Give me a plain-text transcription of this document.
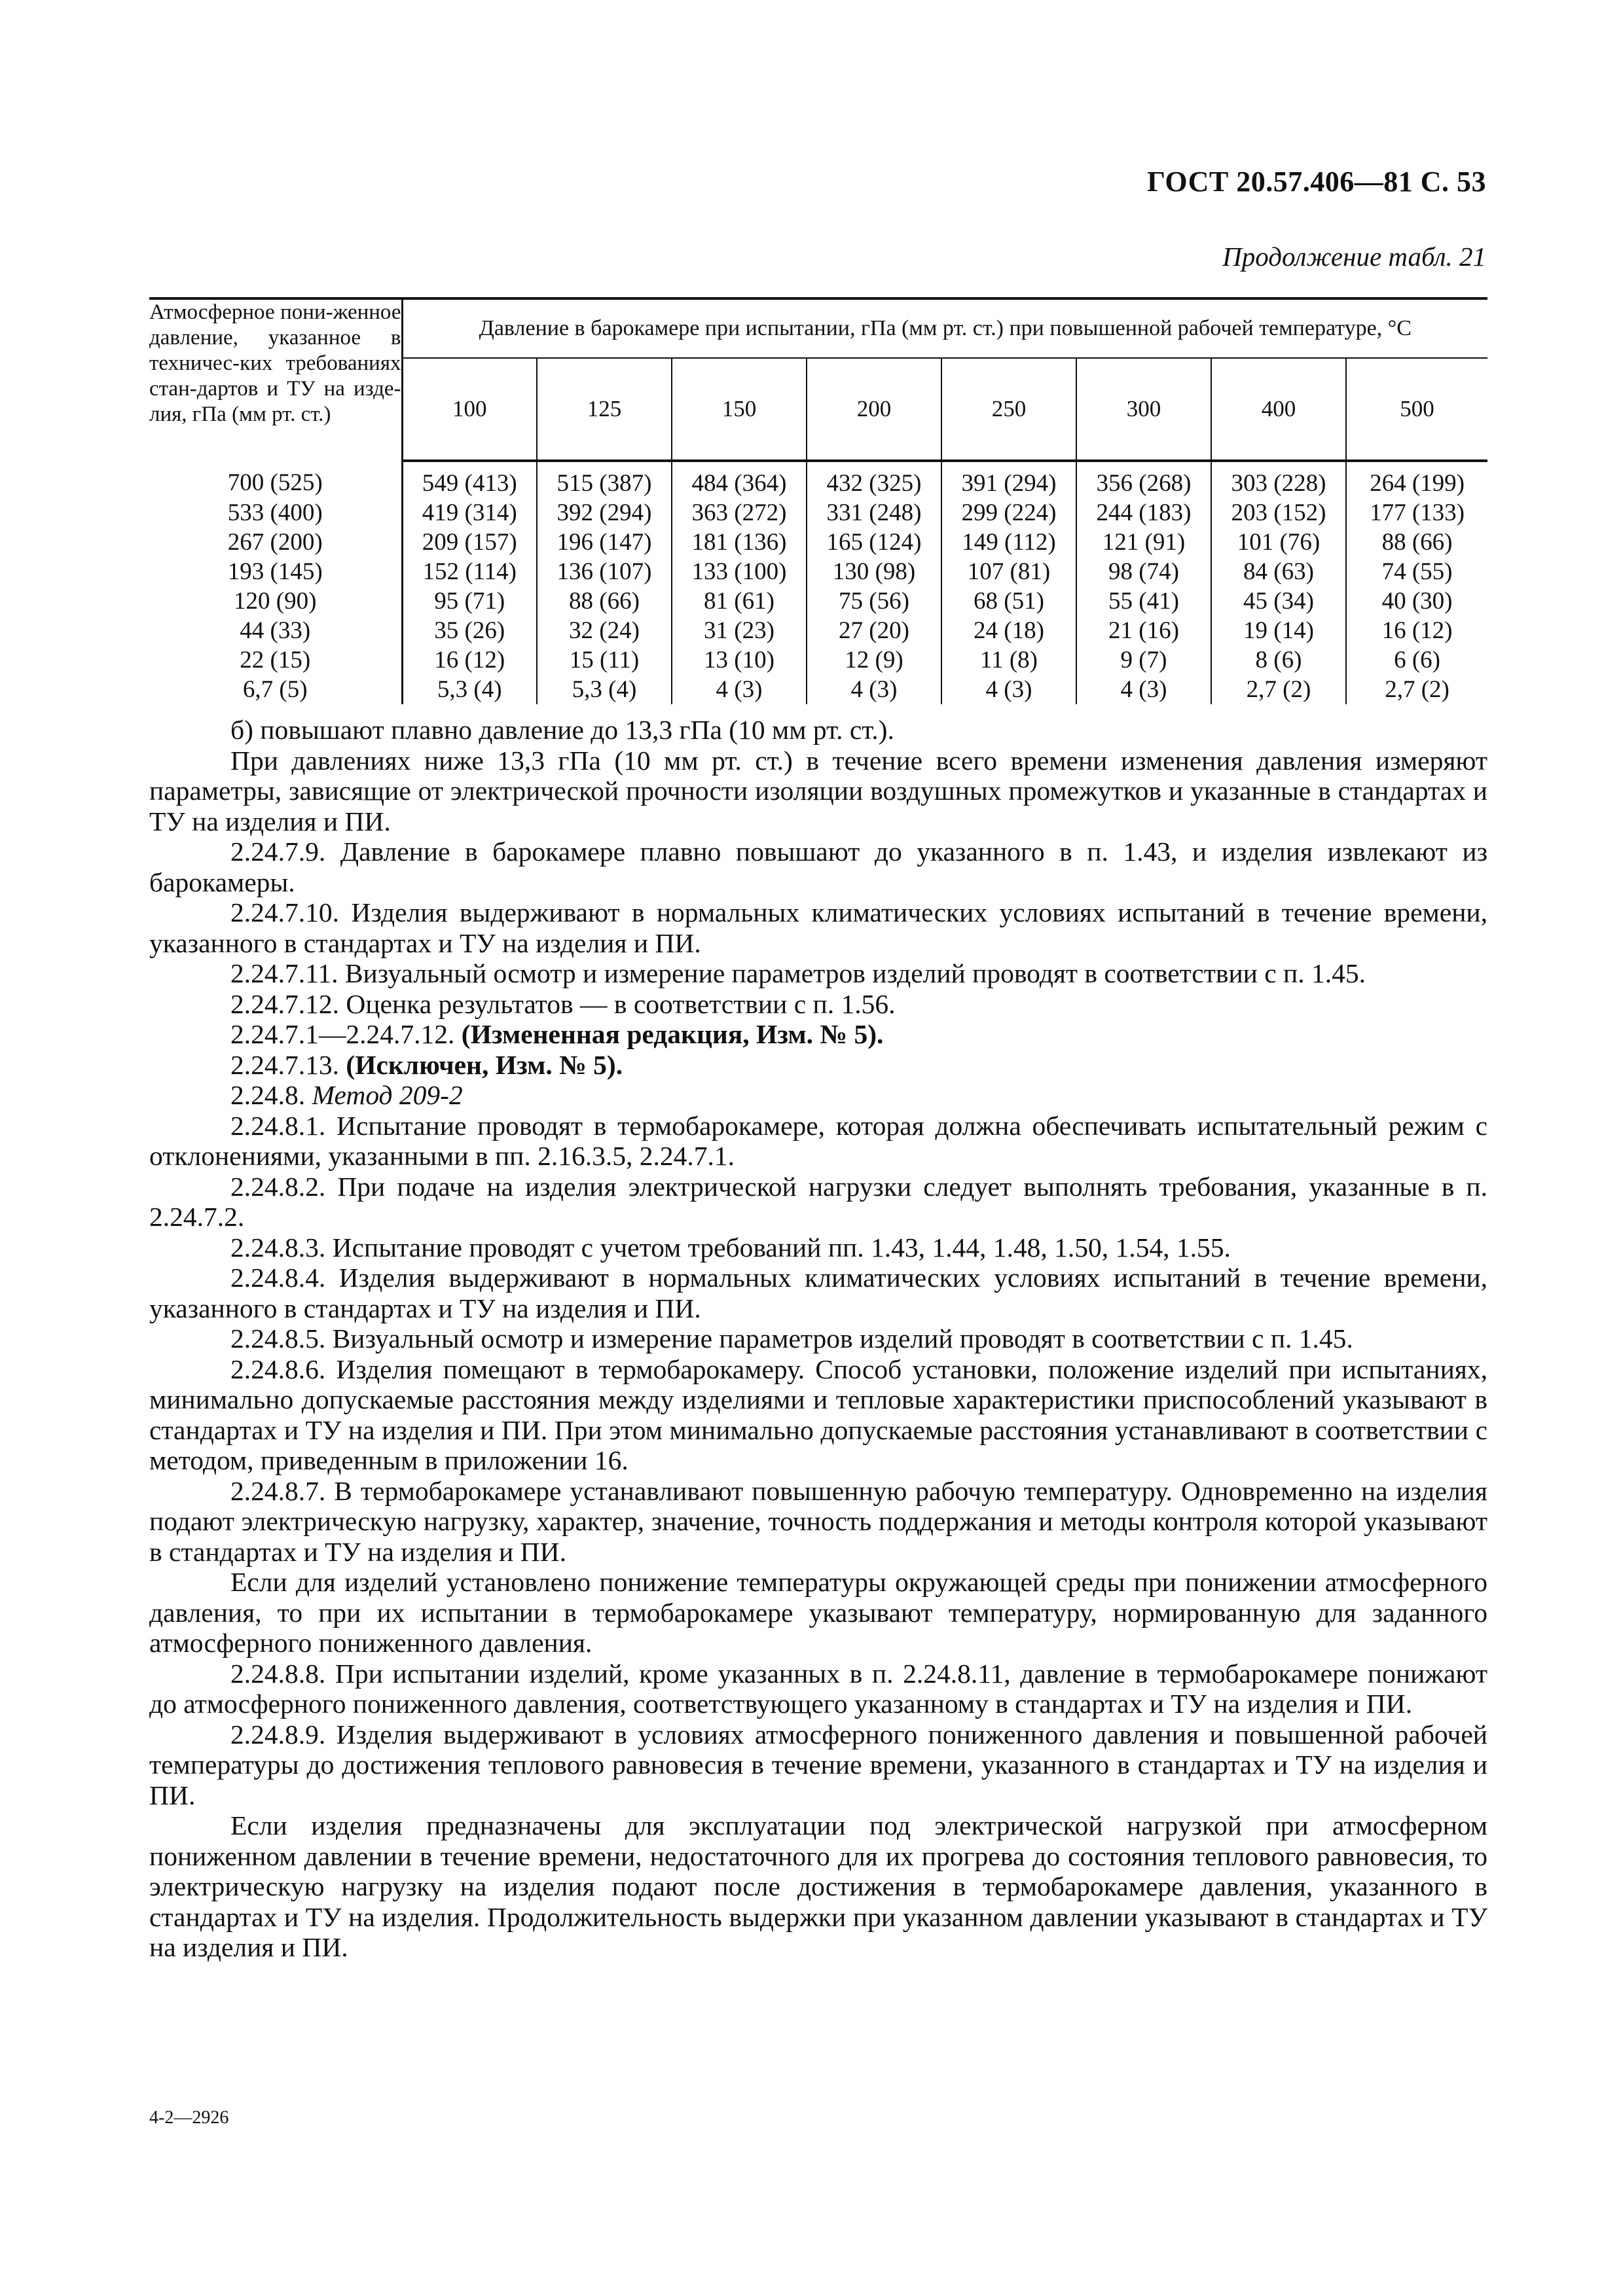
ГОСТ 20.57.406—81 С. 53
Продолжение табл. 21
Атмосферное пони-женное давление, указанное в техничес-ких требованиях стан-дартов и ТУ на изде-лия, гПа (мм рт. ст.)	Давление в барокамере при испытании, гПа (мм рт. ст.) при повышенной рабочей температуре, °С							
	100	125	150	200	250	300	400	500
700 (525)	549 (413)	515 (387)	484 (364)	432 (325)	391 (294)	356 (268)	303 (228)	264 (199)
533 (400)	419 (314)	392 (294)	363 (272)	331 (248)	299 (224)	244 (183)	203 (152)	177 (133)
267 (200)	209 (157)	196 (147)	181 (136)	165 (124)	149 (112)	121 (91)	101 (76)	88 (66)
193 (145)	152 (114)	136 (107)	133 (100)	130 (98)	107 (81)	98 (74)	84 (63)	74 (55)
120 (90)	95 (71)	88 (66)	81 (61)	75 (56)	68 (51)	55 (41)	45 (34)	40 (30)
44 (33)	35 (26)	32 (24)	31 (23)	27 (20)	24 (18)	21 (16)	19 (14)	16 (12)
22 (15)	16 (12)	15 (11)	13 (10)	12 (9)	11 (8)	9 (7)	8 (6)	6 (6)
6,7 (5)	5,3 (4)	5,3 (4)	4 (3)	4 (3)	4 (3)	4 (3)	2,7 (2)	2,7 (2)

б) повышают плавно давление до 13,3 гПа (10 мм рт. ст.).

При давлениях ниже 13,3 гПа (10 мм рт. ст.) в течение всего времени изменения давления измеряют параметры, зависящие от электрической прочности изоляции воздушных промежутков и указанные в стандартах и ТУ на изделия и ПИ.

2.24.7.9. Давление в барокамере плавно повышают до указанного в п. 1.43, и изделия извлекают из барокамеры.

2.24.7.10. Изделия выдерживают в нормальных климатических условиях испытаний в течение времени, указанного в стандартах и ТУ на изделия и ПИ.

2.24.7.11. Визуальный осмотр и измерение параметров изделий проводят в соответствии с п. 1.45.

2.24.7.12. Оценка результатов — в соответствии с п. 1.56.

2.24.7.1—2.24.7.12. (Измененная редакция, Изм. № 5).

2.24.7.13. (Исключен, Изм. № 5).

2.24.8. Метод 209-2

2.24.8.1. Испытание проводят в термобарокамере, которая должна обеспечивать испытательный режим с отклонениями, указанными в пп. 2.16.3.5, 2.24.7.1.

2.24.8.2. При подаче на изделия электрической нагрузки следует выполнять требования, указанные в п. 2.24.7.2.

2.24.8.3. Испытание проводят с учетом требований пп. 1.43, 1.44, 1.48, 1.50, 1.54, 1.55.

2.24.8.4. Изделия выдерживают в нормальных климатических условиях испытаний в течение времени, указанного в стандартах и ТУ на изделия и ПИ.

2.24.8.5. Визуальный осмотр и измерение параметров изделий проводят в соответствии с п. 1.45.

2.24.8.6. Изделия помещают в термобарокамеру. Способ установки, положение изделий при испытаниях, минимально допускаемые расстояния между изделиями и тепловые характеристики приспособлений указывают в стандартах и ТУ на изделия и ПИ. При этом минимально допускаемые расстояния устанавливают в соответствии с методом, приведенным в приложении 16.

2.24.8.7. В термобарокамере устанавливают повышенную рабочую температуру. Одновременно на изделия подают электрическую нагрузку, характер, значение, точность поддержания и методы контроля которой указывают в стандартах и ТУ на изделия и ПИ.

Если для изделий установлено понижение температуры окружающей среды при понижении атмосферного давления, то при их испытании в термобарокамере указывают температуру, нормированную для заданного атмосферного пониженного давления.

2.24.8.8. При испытании изделий, кроме указанных в п. 2.24.8.11, давление в термобарокамере понижают до атмосферного пониженного давления, соответствующего указанному в стандартах и ТУ на изделия и ПИ.

2.24.8.9. Изделия выдерживают в условиях атмосферного пониженного давления и повышенной рабочей температуры до достижения теплового равновесия в течение времени, указанного в стандартах и ТУ на изделия и ПИ.

Если изделия предназначены для эксплуатации под электрической нагрузкой при атмосферном пониженном давлении в течение времени, недостаточного для их прогрева до состояния теплового равновесия, то электрическую нагрузку на изделия подают после достижения в термобарокамере давления, указанного в стандартах и ТУ на изделия. Продолжительность выдержки при указанном давлении указывают в стандартах и ТУ на изделия и ПИ.

4-2—2926
